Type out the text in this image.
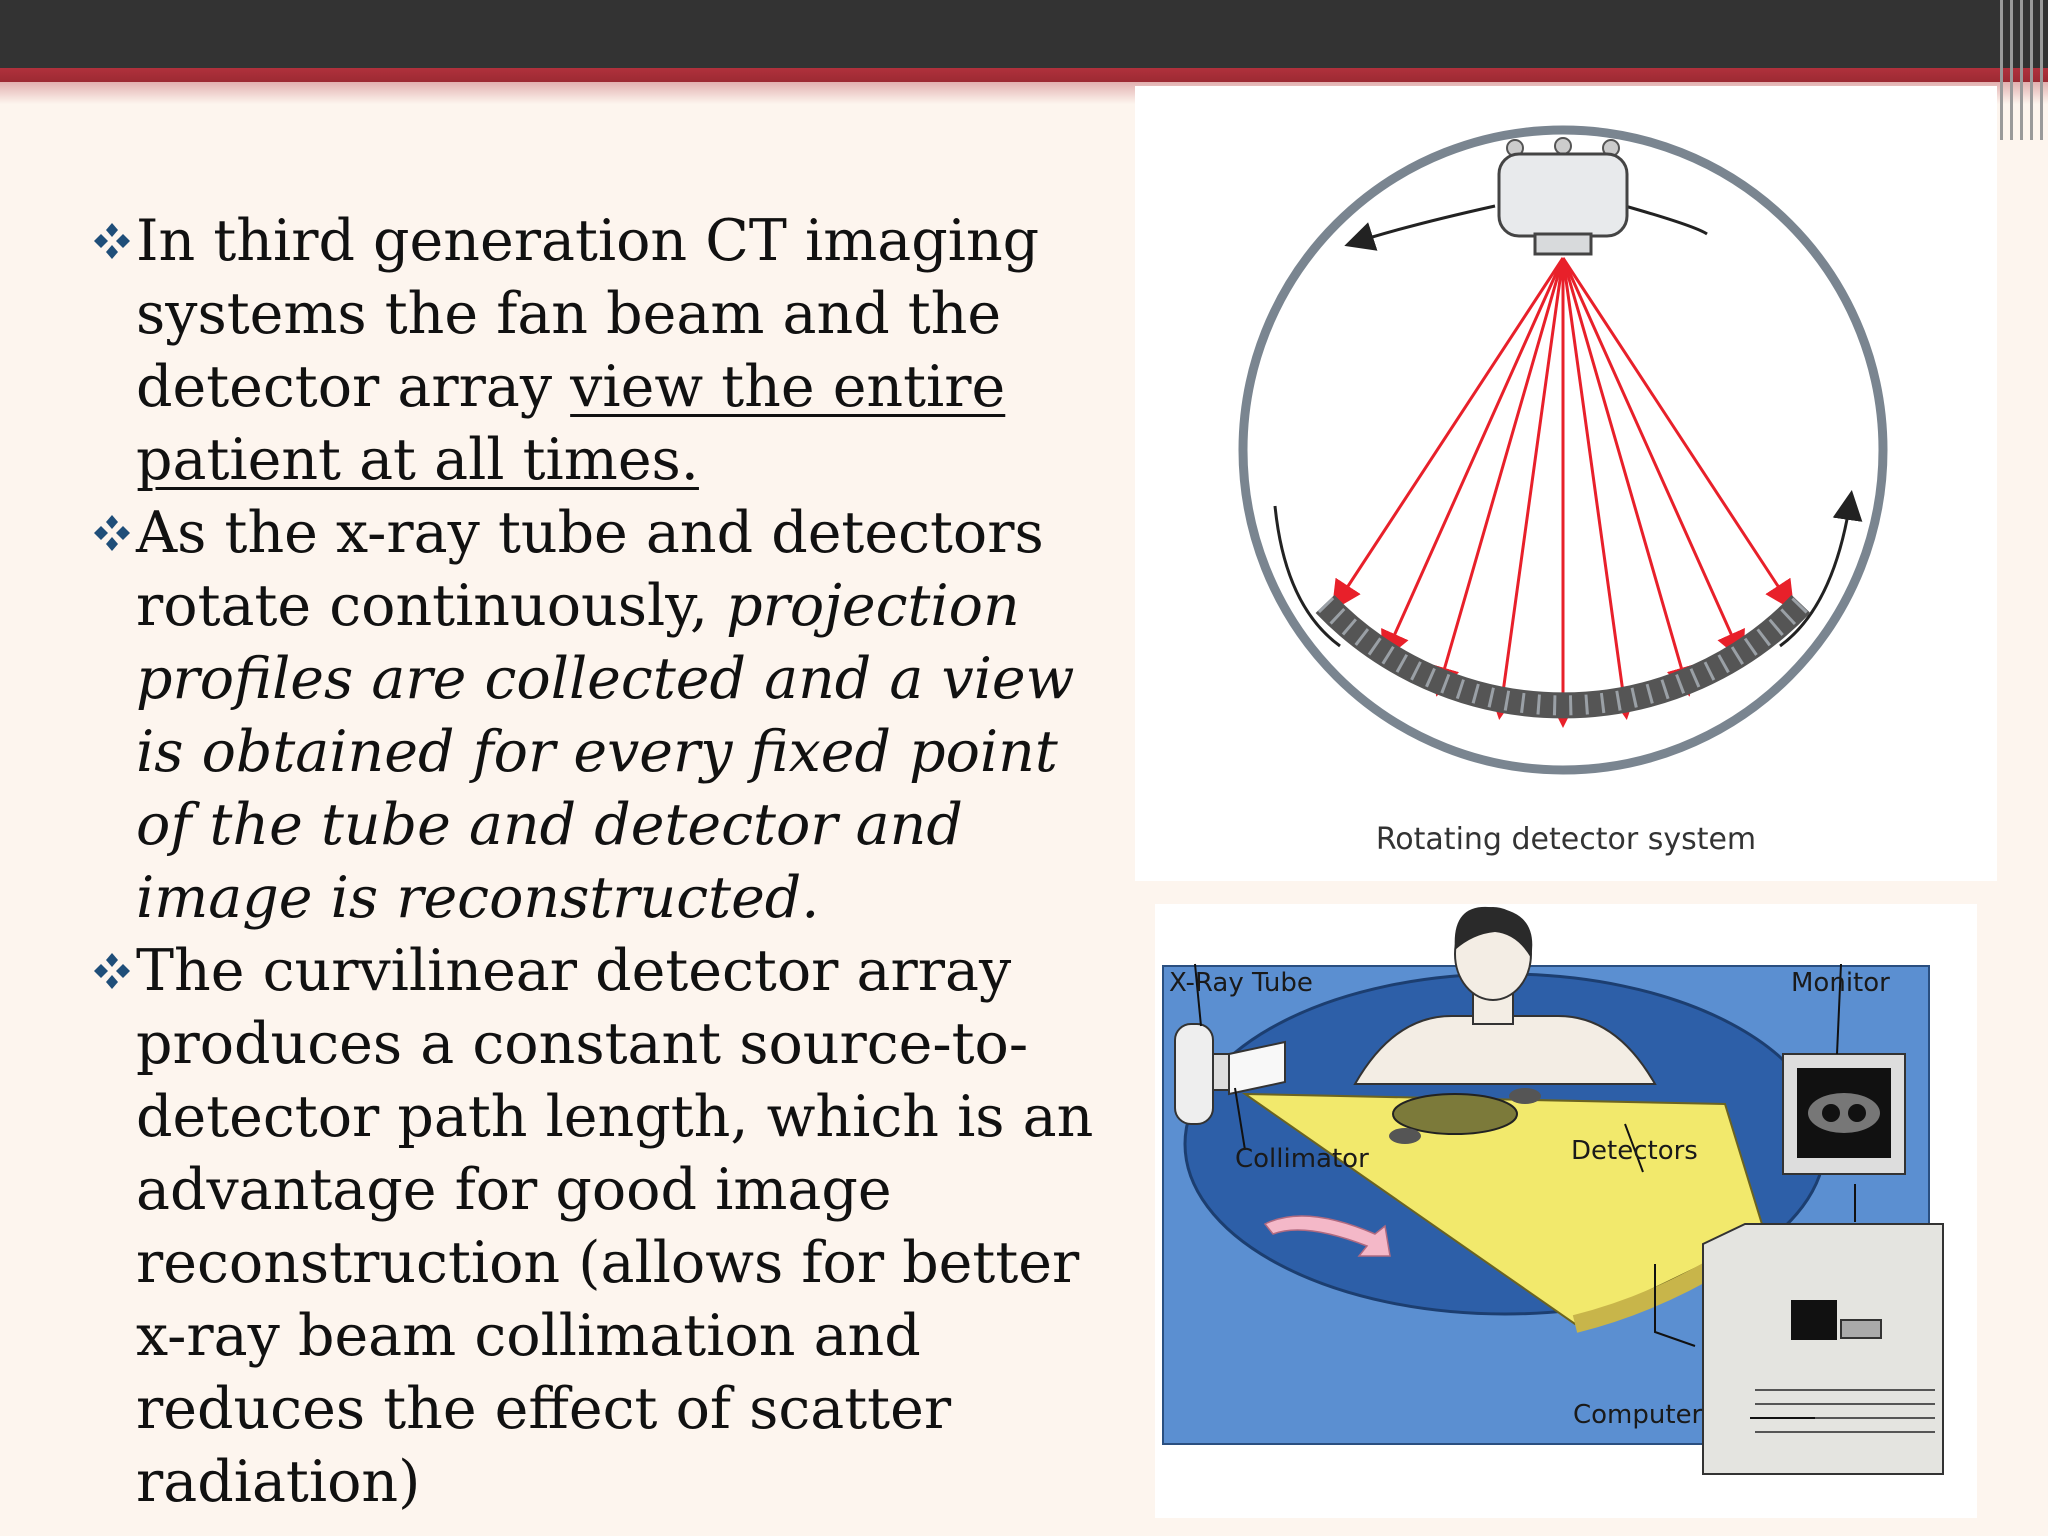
In third generation CT imaging systems the fan beam and the detector array view the entire patient at all times.

As the x-ray tube and detectors rotate continuously, projection profiles are collected and a view is obtained for every fixed point of the tube and detector and image is reconstructed.

The curvilinear detector array produces a constant source-to-detector path length, which is an advantage for good image reconstruction (allows for better x-ray beam collimation and reduces the effect of scatter radiation)

Rotating detector system
X-Ray Tube	Monitor
Collimator	Detectors
Computer
